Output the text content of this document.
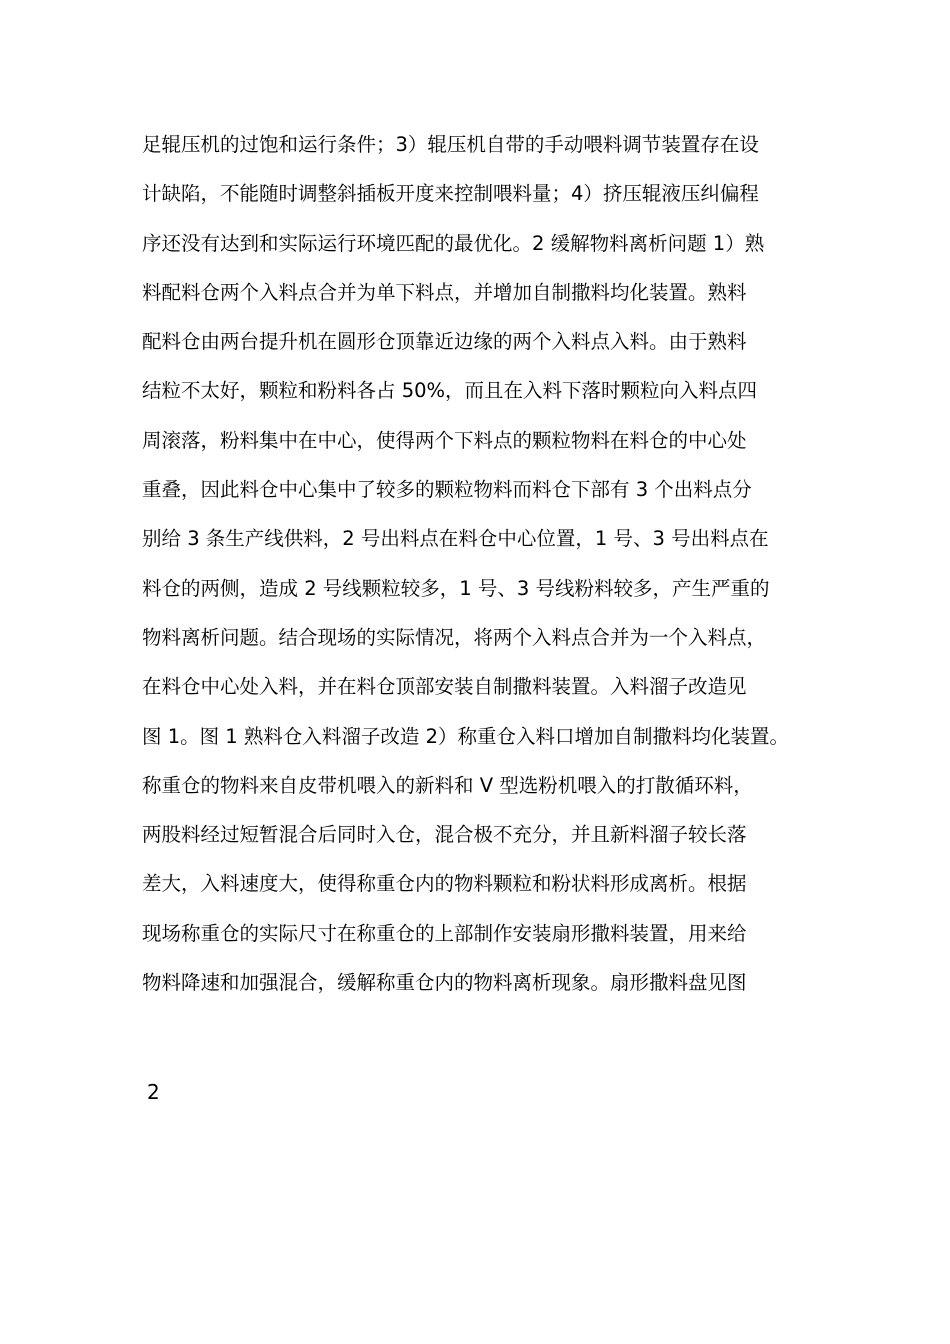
足辊压机的过饱和运行条件；3）辊压机自带的手动喂料调节装置存在设
计缺陷，不能随时调整斜插板开度来控制喂料量；4）挤压辊液压纠偏程
序还没有达到和实际运行环境匹配的最优化。2 缓解物料离析问题 1）熟
料配料仓两个入料点合并为单下料点，并增加自制撒料均化装置。熟料
配料仓由两台提升机在圆形仓顶靠近边缘的两个入料点入料。由于熟料
结粒不太好，颗粒和粉料各占 50%，而且在入料下落时颗粒向入料点四
周滚落，粉料集中在中心，使得两个下料点的颗粒物料在料仓的中心处
重叠，因此料仓中心集中了较多的颗粒物料而料仓下部有 3 个出料点分
别给 3 条生产线供料，2 号出料点在料仓中心位置，1 号、3 号出料点在
料仓的两侧，造成 2 号线颗粒较多，1 号、3 号线粉料较多，产生严重的
物料离析问题。结合现场的实际情况，将两个入料点合并为一个入料点，
在料仓中心处入料，并在料仓顶部安装自制撒料装置。入料溜子改造见
图 1。图 1 熟料仓入料溜子改造 2）称重仓入料口增加自制撒料均化装置。
称重仓的物料来自皮带机喂入的新料和 V 型选粉机喂入的打散循环料，
两股料经过短暂混合后同时入仓，混合极不充分，并且新料溜子较长落
差大，入料速度大，使得称重仓内的物料颗粒和粉状料形成离析。根据
现场称重仓的实际尺寸在称重仓的上部制作安装扇形撒料装置，用来给
物料降速和加强混合，缓解称重仓内的物料离析现象。扇形撒料盘见图
2
